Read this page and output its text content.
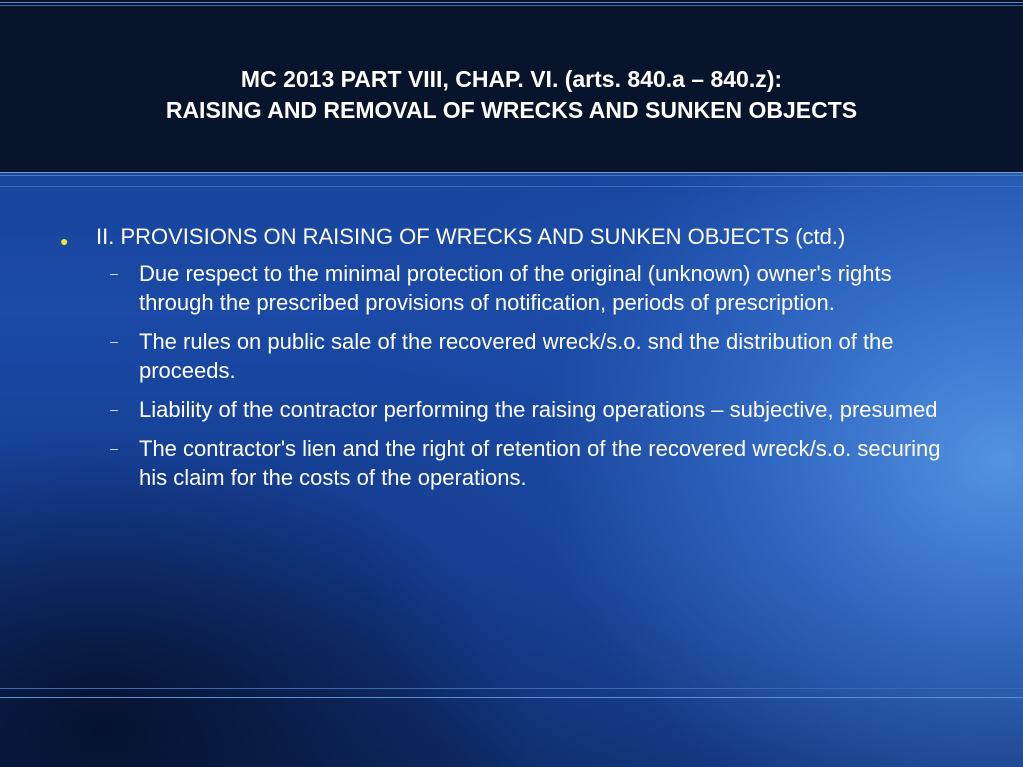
MC 2013 PART VIII, CHAP. VI. (arts. 840.a – 840.z):
RAISING AND REMOVAL OF WRECKS AND SUNKEN OBJECTS
● II. PROVISIONS ON RAISING OF WRECKS AND SUNKEN OBJECTS (ctd.)
– Due respect to the minimal protection of the original (unknown) owner's rights through the prescribed provisions of notification, periods of prescription.
– The rules on public sale of the recovered wreck/s.o. snd the distribution of the proceeds.
– Liability of the contractor performing the raising operations – subjective, presumed
– The contractor's lien and the right of retention of the recovered wreck/s.o. securing his claim for the costs of the operations.
